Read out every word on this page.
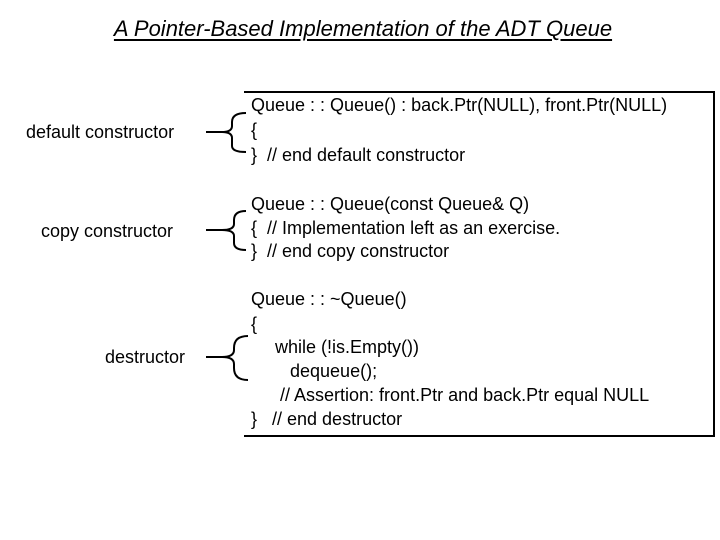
A Pointer-Based Implementation of the ADT Queue
default constructor
copy constructor
destructor
Queue : : Queue() : back.Ptr(NULL), front.Ptr(NULL)
{
}  // end default constructor
Queue : : Queue(const Queue& Q)
{  // Implementation left as an exercise.
}  // end copy constructor
Queue : : ~Queue()
{
while (!is.Empty())
dequeue();
// Assertion: front.Ptr and back.Ptr equal NULL
}   // end destructor
